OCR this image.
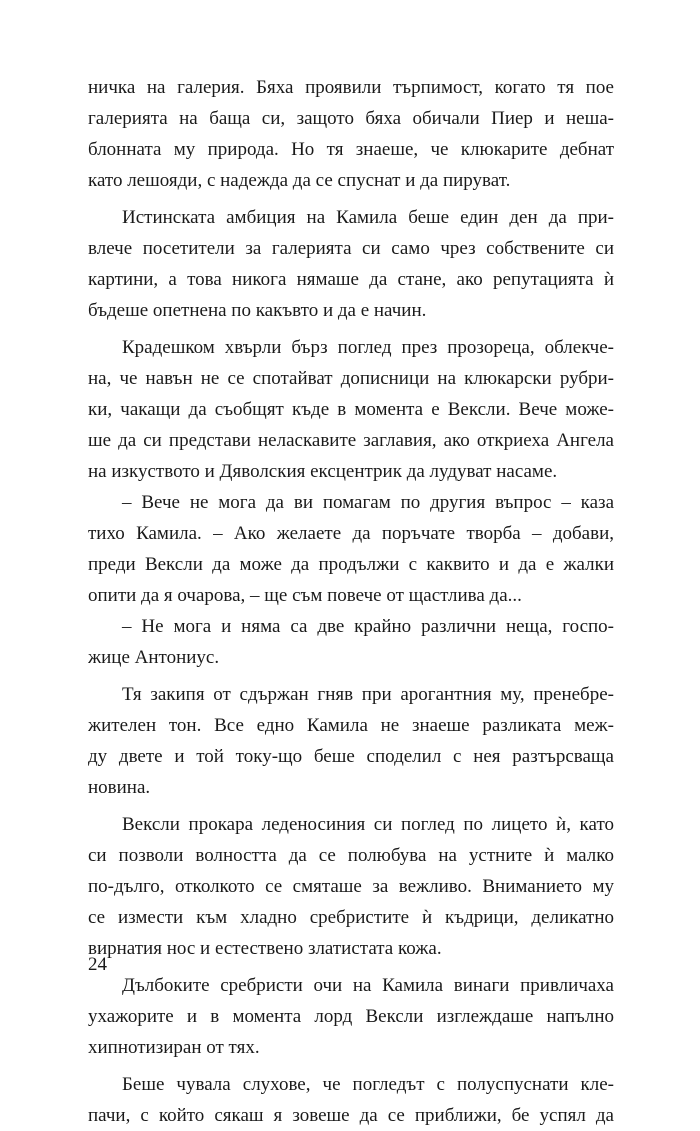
ничка на галерия. Бяха проявили търпимост, когато тя пое
галерията на баща си, защото бяха обичали Пиер и неша-
блонната му природа. Но тя знаеше, че клюкарите дебнат
като лешояди, с надежда да се спуснат и да пируват.
Истинската амбиция на Камила беше един ден да при-
влече посетители за галерията си само чрез собствените си
картини, а това никога нямаше да стане, ако репутацията ѝ
бъдеше опетнена по какъвто и да е начин.
Крадешком хвърли бърз поглед през прозореца, облекче-
на, че навън не се спотайват дописници на клюкарски рубри-
ки, чакащи да съобщят къде в момента е Вексли. Вече може-
ше да си представи неласкавите заглавия, ако откриеха Ангела
на изкуството и Дяволския ексцентрик да лудуват насаме.
– Вече не мога да ви помагам по другия въпрос – каза
тихо Камила. – Ако желаете да поръчате творба – добави,
преди Вексли да може да продължи с каквито и да е жалки
опити да я очарова, – ще съм повече от щастлива да...
– Не мога и няма са две крайно различни неща, госпо-
жице Антониус.
Тя закипя от сдържан гняв при арогантния му, пренебре-
жителен тон. Все едно Камила не знаеше разликата меж-
ду двете и той току-що беше споделил с нея разтърсваща
новина.
Вексли прокара леденосиния си поглед по лицето ѝ, като
си позволи волността да се полюбува на устните ѝ малко
по-дълго, отколкото се смяташе за вежливо. Вниманието му
се измести към хладно сребристите ѝ къдрици, деликатно
вирнатия нос и естествено златистата кожа.
Дълбоките сребристи очи на Камила винаги привличаха
ухажорите и в момента лорд Вексли изглеждаше напълно
хипнотизиран от тях.
Беше чувала слухове, че погледът с полуспуснати кле-
пачи, с който сякаш я зовеше да се приближи, бе успял да
24
